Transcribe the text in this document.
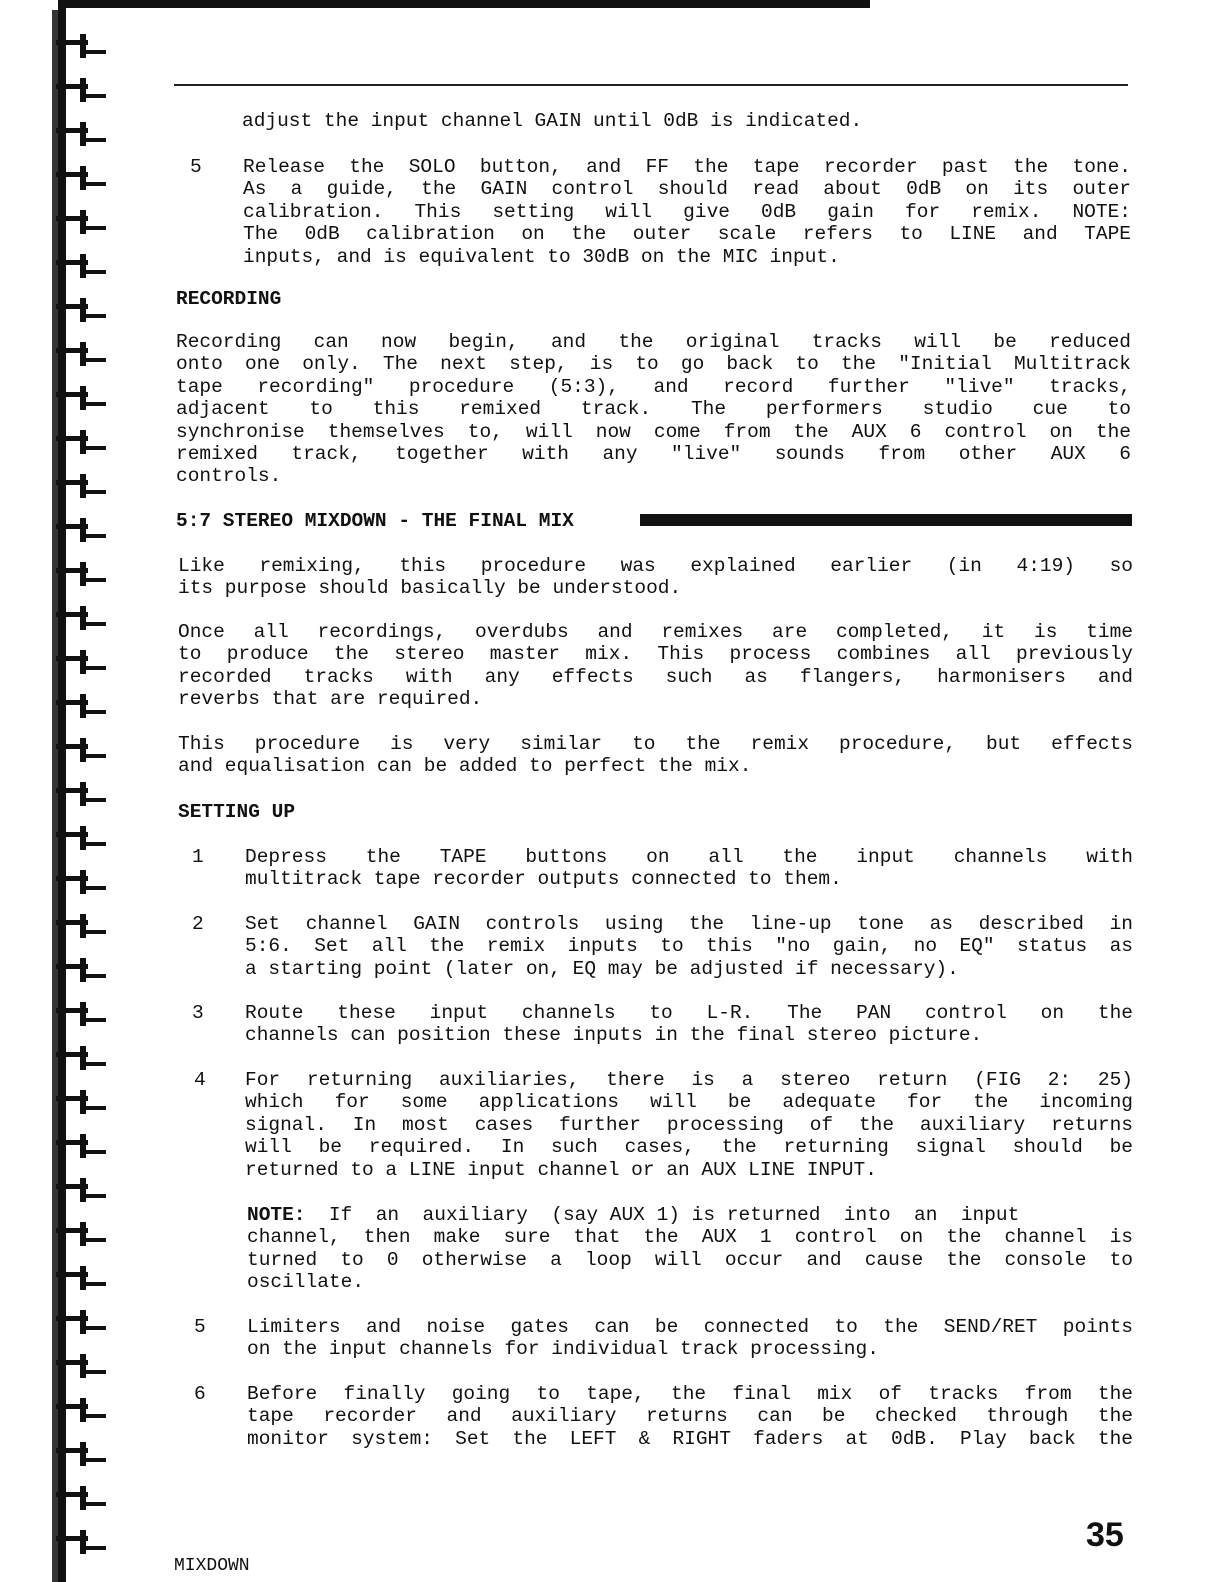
adjust the input channel GAIN until 0dB is indicated.
5 Release the SOLO button, and FF the tape recorder past the tone.
As a guide, the GAIN control should read about 0dB on its outer
calibration. This setting will give 0dB gain for remix. NOTE:
The 0dB calibration on the outer scale refers to LINE and TAPE
inputs, and is equivalent to 30dB on the MIC input.
RECORDING
Recording can now begin, and the original tracks will be reduced
onto one only. The next step, is to go back to the "Initial Multitrack
tape recording" procedure (5:3), and record further "live" tracks,
adjacent to this remixed track. The performers studio cue to
synchronise themselves to, will now come from the AUX 6 control on the
remixed track, together with any "live" sounds from other AUX 6
controls.
5:7 STEREO MIXDOWN - THE FINAL MIX
Like remixing, this procedure was explained earlier (in 4:19) so
its purpose should basically be understood.
Once all recordings, overdubs and remixes are completed, it is time
to produce the stereo master mix. This process combines all previously
recorded tracks with any effects such as flangers, harmonisers and
reverbs that are required.
This procedure is very similar to the remix procedure, but effects
and equalisation can be added to perfect the mix.
SETTING UP
1 Depress the TAPE buttons on all the input channels with
multitrack tape recorder outputs connected to them.
2 Set channel GAIN controls using the line-up tone as described in
5:6. Set all the remix inputs to this "no gain, no EQ" status as
a starting point (later on, EQ may be adjusted if necessary).
3 Route these input channels to L-R. The PAN control on the
channels can position these inputs in the final stereo picture.
4 For returning auxiliaries, there is a stereo return (FIG 2: 25)
which for some applications will be adequate for the incoming
signal. In most cases further processing of the auxiliary returns
will be required. In such cases, the returning signal should be
returned to a LINE input channel or an AUX LINE INPUT.
NOTE:  If  an  auxiliary  (say AUX 1) is returned  into  an  input
channel, then make sure that the AUX 1 control on the channel is
turned to 0 otherwise a loop will occur and cause the console to
oscillate.
5 Limiters and noise gates can be connected to the SEND/RET points
on the input channels for individual track processing.
6 Before finally going to tape, the final mix of tracks from the
tape recorder and auxiliary returns can be checked through the
monitor system: Set the LEFT & RIGHT faders at 0dB. Play back the
MIXDOWN
35
